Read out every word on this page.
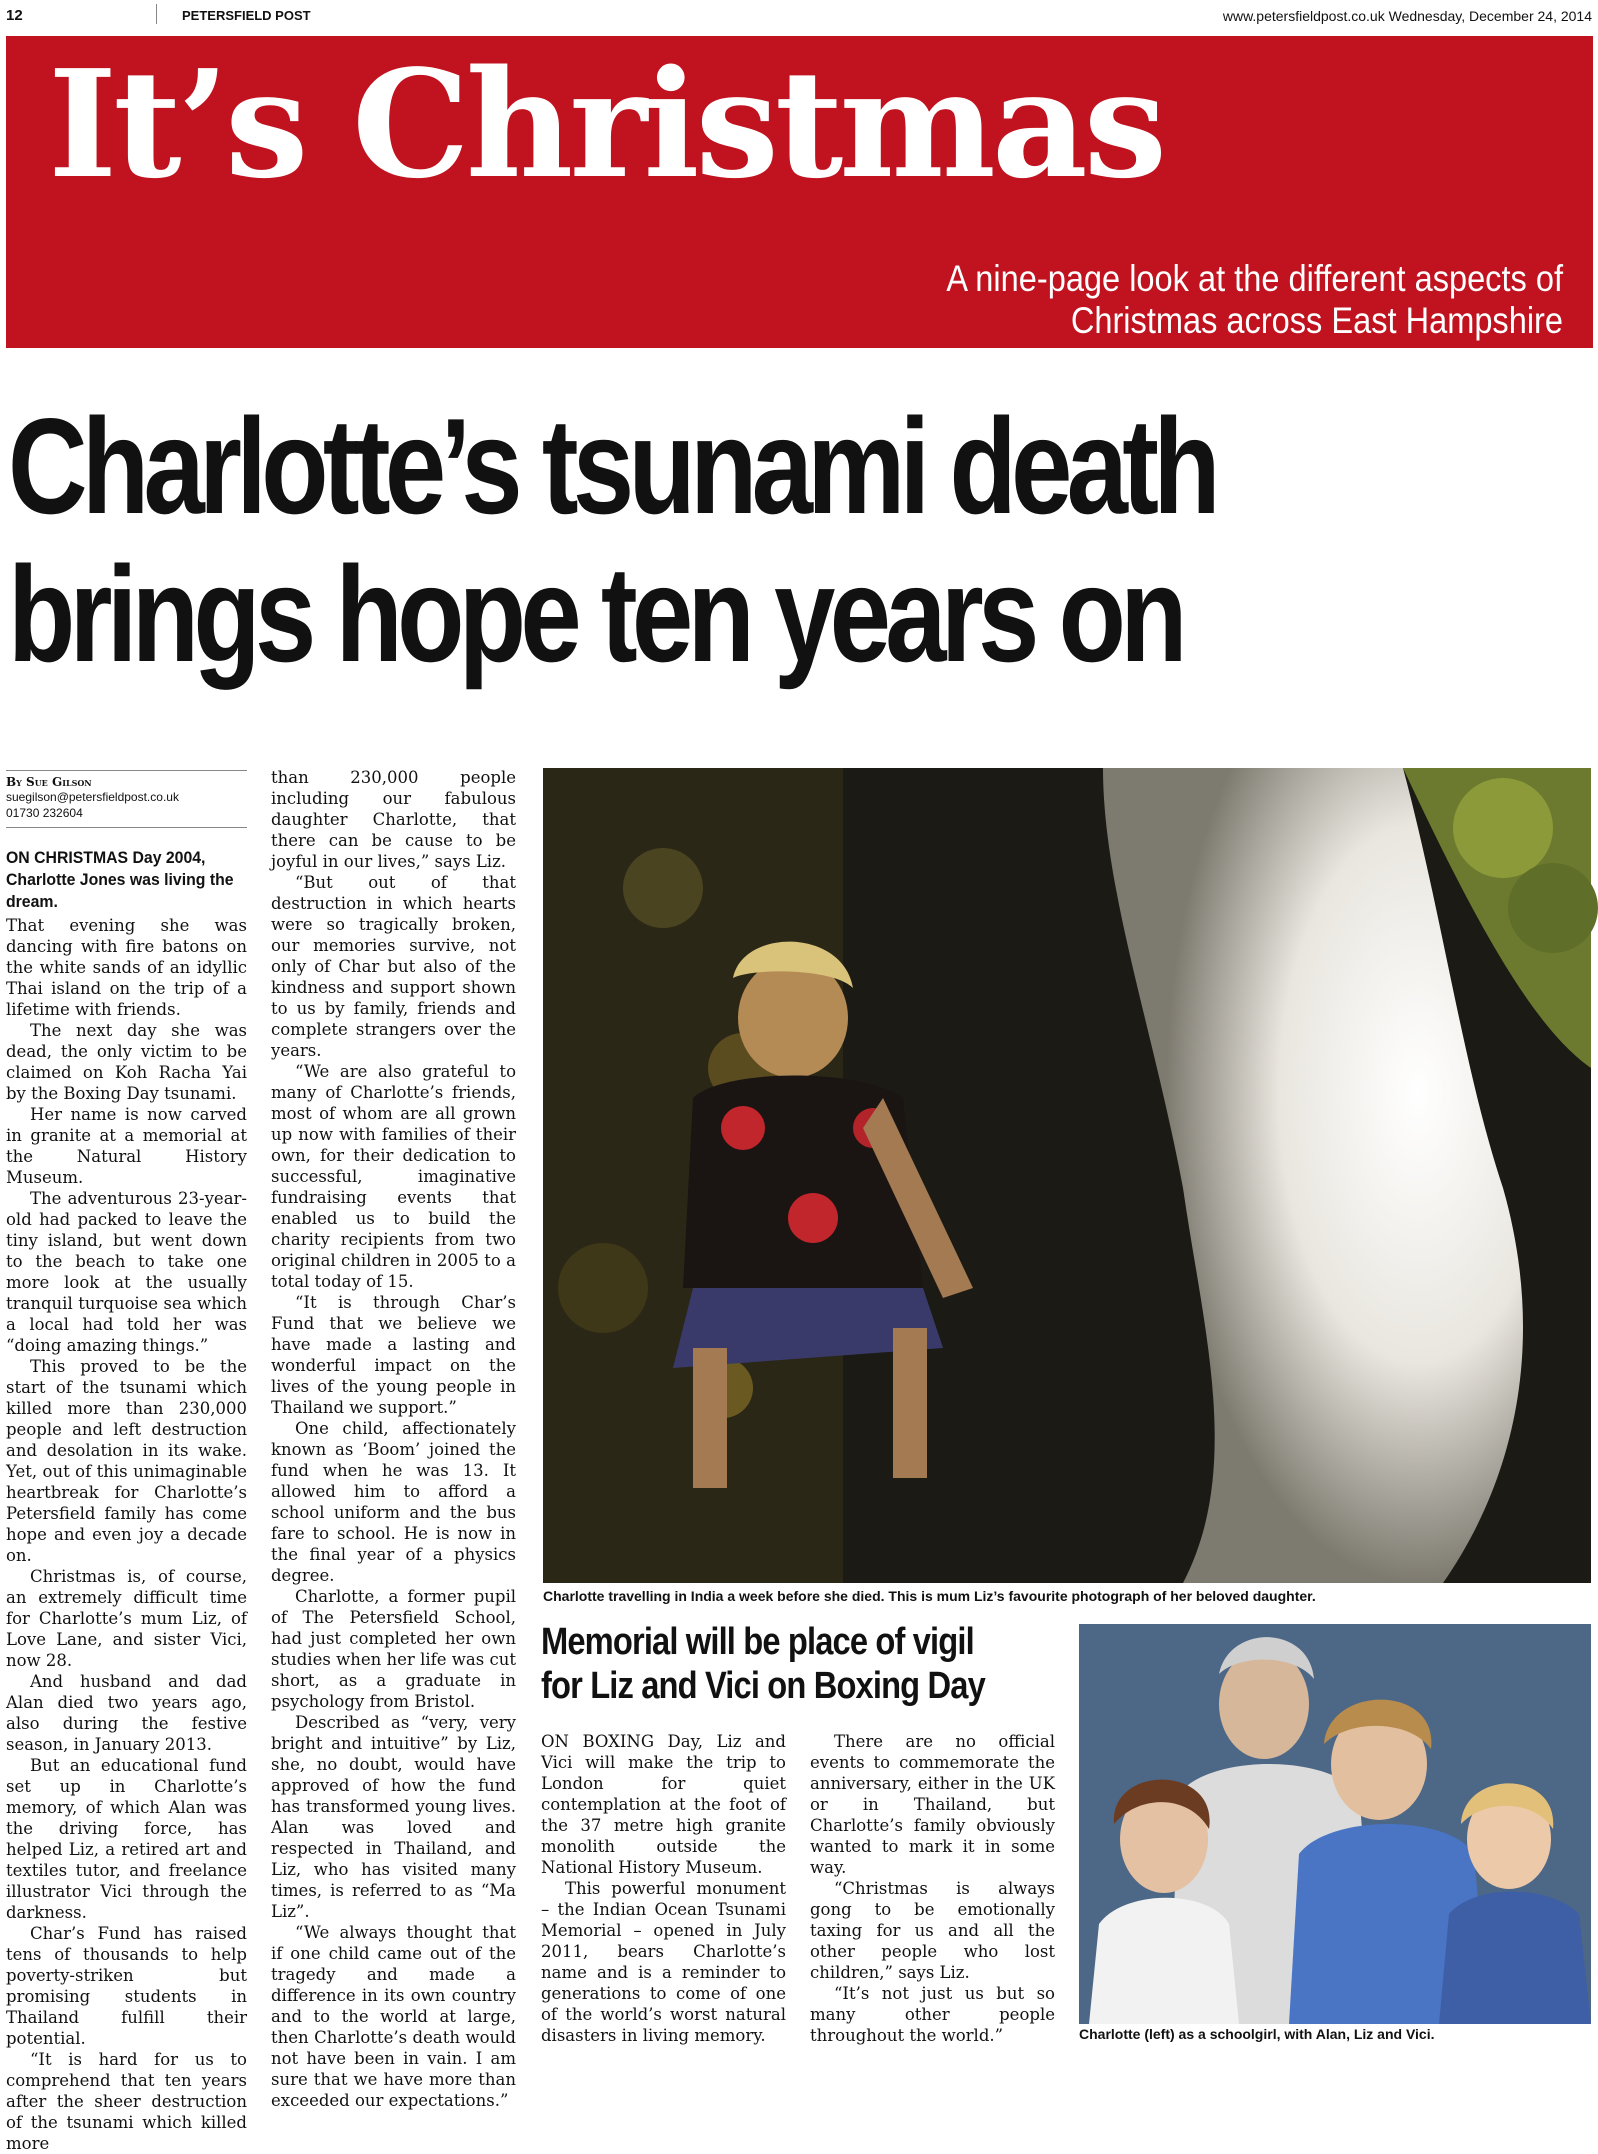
12	PETERSFIELD POST	www.petersfieldpost.co.uk Wednesday, December 24, 2014
It’s Christmas
A nine-page look at the different aspects of
Christmas across East Hampshire
Charlotte’s tsunami death
brings hope ten years on
By Sue Gilson
suegilson@petersfieldpost.co.uk
01730 232604
ON CHRISTMAS Day 2004, Charlotte Jones was living the dream.

That evening she was dancing with fire batons on the white sands of an idyllic Thai island on the trip of a lifetime with friends.

The next day she was dead, the only victim to be claimed on Koh Racha Yai by the Boxing Day tsunami.

Her name is now carved in granite at a memorial at the Natural History Museum.

The adventurous 23-year-old had packed to leave the tiny island, but went down to the beach to take one more look at the usually tranquil turquoise sea which a local had told her was “doing amazing things.”

This proved to be the start of the tsunami which killed more than 230,000 people and left destruction and desolation in its wake. Yet, out of this unimaginable heartbreak for Charlotte’s Petersfield family has come hope and even joy a decade on.

Christmas is, of course, an extremely difficult time for Charlotte’s mum Liz, of Love Lane, and sister Vici, now 28.

And husband and dad Alan died two years ago, also during the festive season, in January 2013.

But an educational fund set up in Charlotte’s memory, of which Alan was the driving force, has helped Liz, a retired art and textiles tutor, and freelance illustrator Vici through the darkness.

Char’s Fund has raised tens of thousands to help poverty-striken but promising students in Thailand fulfill their potential.

“It is hard for us to comprehend that ten years after the sheer destruction of the tsunami which killed more

than 230,000 people including our fabulous daughter Charlotte, that there can be cause to be joyful in our lives,” says Liz.

“But out of that destruction in which hearts were so tragically broken, our memories survive, not only of Char but also of the kindness and support shown to us by family, friends and complete strangers over the years.

“We are also grateful to many of Charlotte’s friends, most of whom are all grown up now with families of their own, for their dedication to successful, imaginative fundraising events that enabled us to build the charity recipients from two original children in 2005 to a total today of 15.

“It is through Char’s Fund that we believe we have made a lasting and wonderful impact on the lives of the young people in Thailand we support.”

One child, affectionately known as ‘Boom’ joined the fund when he was 13. It allowed him to afford a school uniform and the bus fare to school. He is now in the final year of a physics degree.

Charlotte, a former pupil of The Petersfield School, had just completed her own studies when her life was cut short, as a graduate in psychology from Bristol.

Described as “very, very bright and intuitive” by Liz, she, no doubt, would have approved of how the fund has transformed young lives. Alan was loved and respected in Thailand, and Liz, who has visited many times, is referred to as “Ma Liz”.

“We always thought that if one child came out of the tragedy and made a difference in its own country and to the world at large, then Charlotte’s death would not have been in vain. I am sure that we have more than exceeded our expectations.”

Charlotte travelling in India a week before she died. This is mum Liz’s favourite photograph of her beloved daughter.
Memorial will be place of vigil
for Liz and Vici on Boxing Day

ON BOXING Day, Liz and Vici will make the trip to London for quiet contemplation at the foot of the 37 metre high granite monolith outside the National History Museum.

This powerful monument – the Indian Ocean Tsunami Memorial – opened in July 2011, bears Charlotte’s name and is a reminder to generations to come of one of the world’s worst natural disasters in living memory.

There are no official events to commemorate the anniversary, either in the UK or in Thailand, but Charlotte’s family obviously wanted to mark it in some way.

“Christmas is always gong to be emotionally taxing for us and all the other people who lost children,” says Liz.

“It’s not just us but so many other people throughout the world.”	Charlotte (left) as a schoolgirl, with Alan, Liz and Vici.
